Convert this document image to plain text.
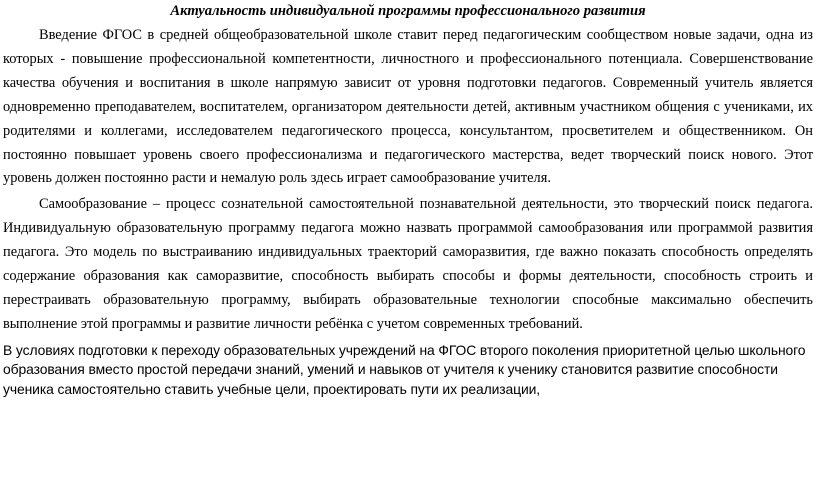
Актуальность индивидуальной программы профессионального развития

Введение ФГОС в средней общеобразовательной школе ставит перед педагогическим сообществом новые задачи, одна из которых - повышение профессиональной компетентности, личностного и профессионального потенциала. Совершенствование качества обучения и воспитания в школе напрямую зависит от уровня подготовки педагогов. Современный учитель является одновременно преподавателем, воспитателем, организатором деятельности детей, активным участником общения с учениками, их родителями и коллегами, исследователем педагогического процесса, консультантом, просветителем и общественником. Он постоянно повышает уровень своего профессионализма и педагогического мастерства, ведет творческий поиск нового. Этот уровень должен постоянно расти и немалую роль здесь играет самообразование учителя.

Самообразование – процесс сознательной самостоятельной познавательной деятельности, это творческий поиск педагога. Индивидуальную образовательную программу педагога можно назвать программой самообразования или программой развития педагога. Это модель по выстраиванию индивидуальных траекторий саморазвития, где важно показать способность определять содержание образования как саморазвитие, способность выбирать способы и формы деятельности, способность строить и перестраивать образовательную программу, выбирать образовательные технологии способные максимально обеспечить выполнение этой программы и развитие личности ребёнка с учетом современных требований.

В условиях подготовки к переходу образовательных учреждений на ФГОС второго поколения приоритетной целью школьного образования вместо простой передачи знаний, умений и навыков от учителя к ученику становится развитие способности ученика самостоятельно ставить учебные цели, проектировать пути их реализации,
